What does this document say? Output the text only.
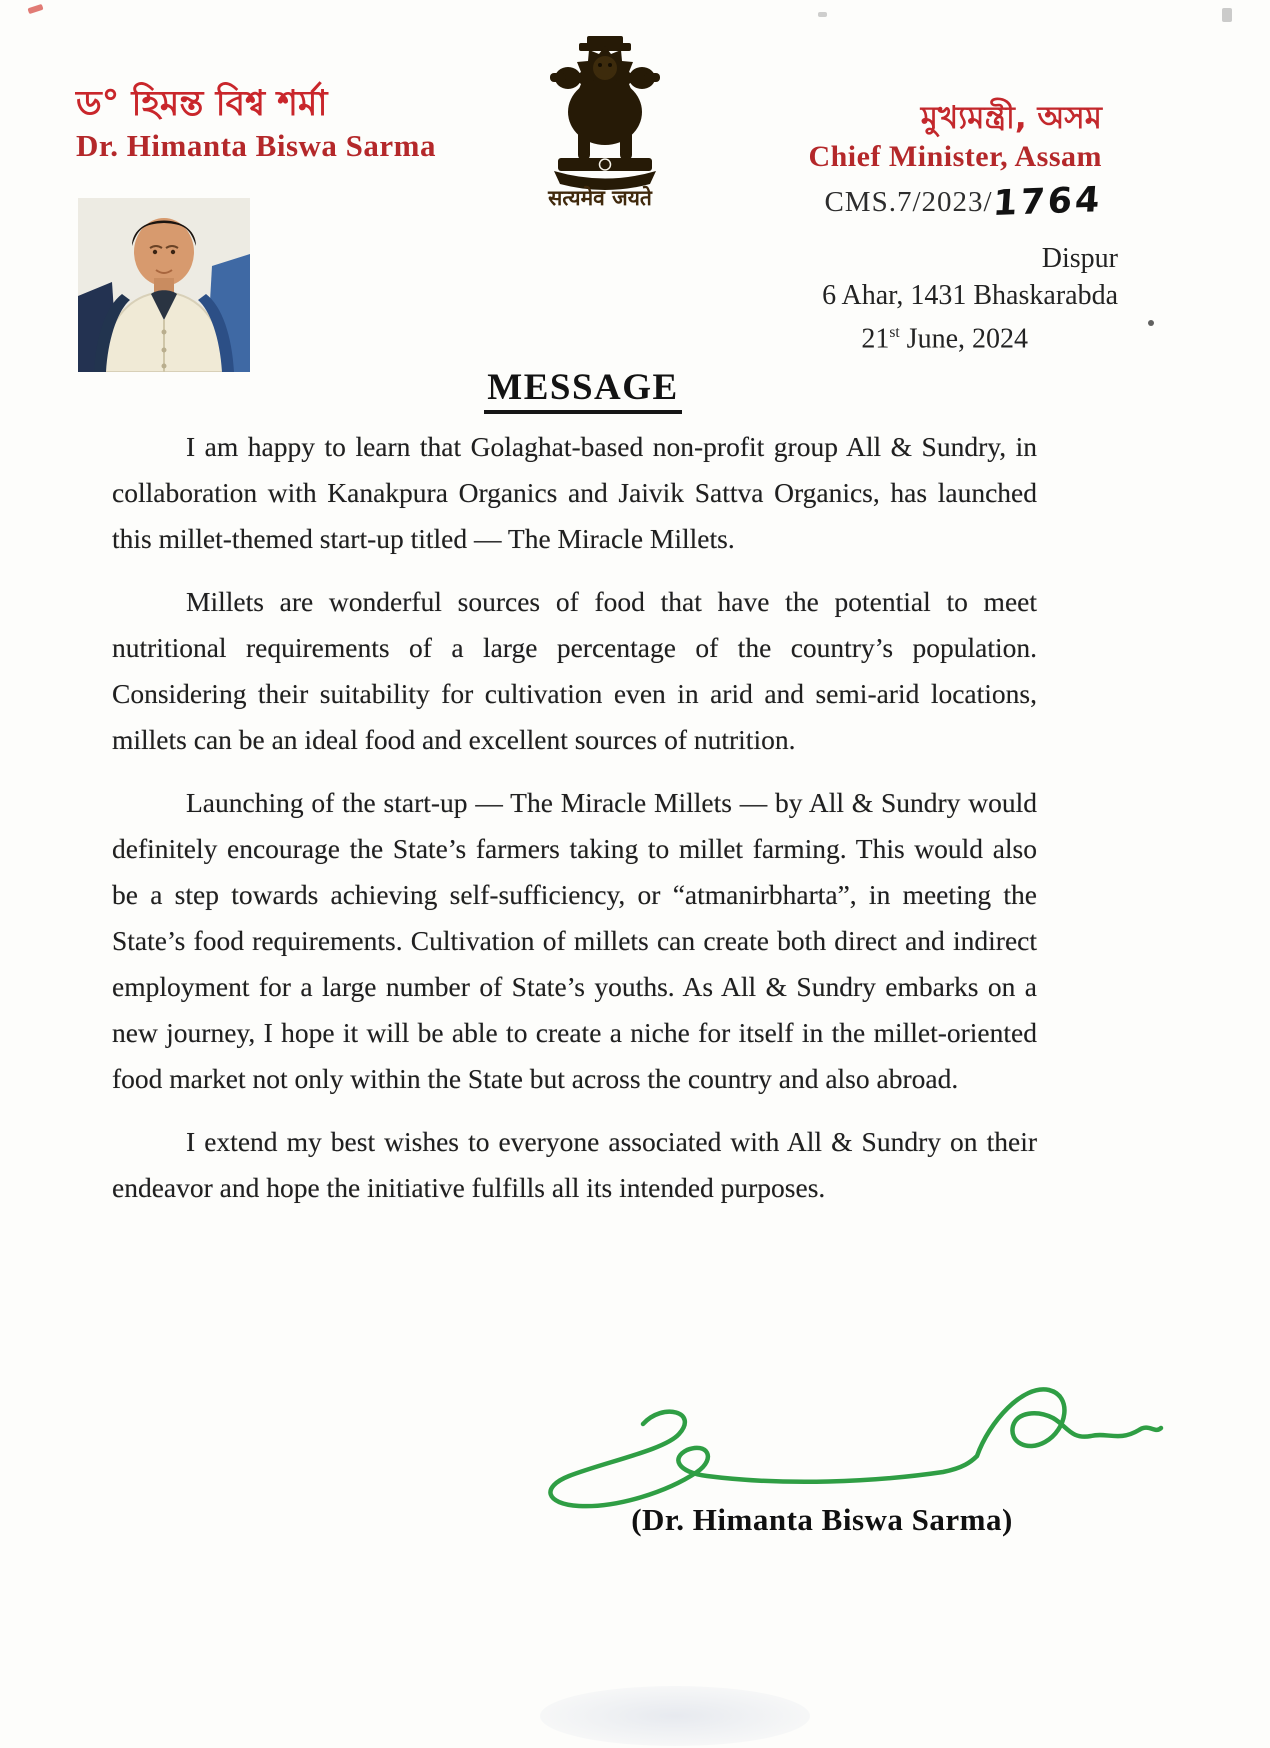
ড° হিমন্ত বিশ্ব শর্মা
Dr. Himanta Biswa Sarma
सत्यमेव जयते
মুখ্যমন্ত্রী, অসম
Chief Minister, Assam
CMS.7/2023/1764
Dispur
6 Ahar, 1431 Bhaskarabda
21st June, 2024
MESSAGE

I am happy to learn that Golaghat-based non-profit group All & Sundry, in collaboration with Kanakpura Organics and Jaivik Sattva Organics, has launched this millet-themed start-up titled — The Miracle Millets.

Millets are wonderful sources of food that have the potential to meet nutritional requirements of a large percentage of the country’s population. Considering their suitability for cultivation even in arid and semi-arid locations, millets can be an ideal food and excellent sources of nutrition.

Launching of the start-up — The Miracle Millets — by All & Sundry would definitely encourage the State’s farmers taking to millet farming. This would also be a step towards achieving self-sufficiency, or “atmanirbharta”, in meeting the State’s food requirements. Cultivation of millets can create both direct and indirect employment for a large number of State’s youths. As All & Sundry embarks on a new journey, I hope it will be able to create a niche for itself in the millet-oriented food market not only within the State but across the country and also abroad.

I extend my best wishes to everyone associated with All & Sundry on their endeavor and hope the initiative fulfills all its intended purposes.

(Dr. Himanta Biswa Sarma)
